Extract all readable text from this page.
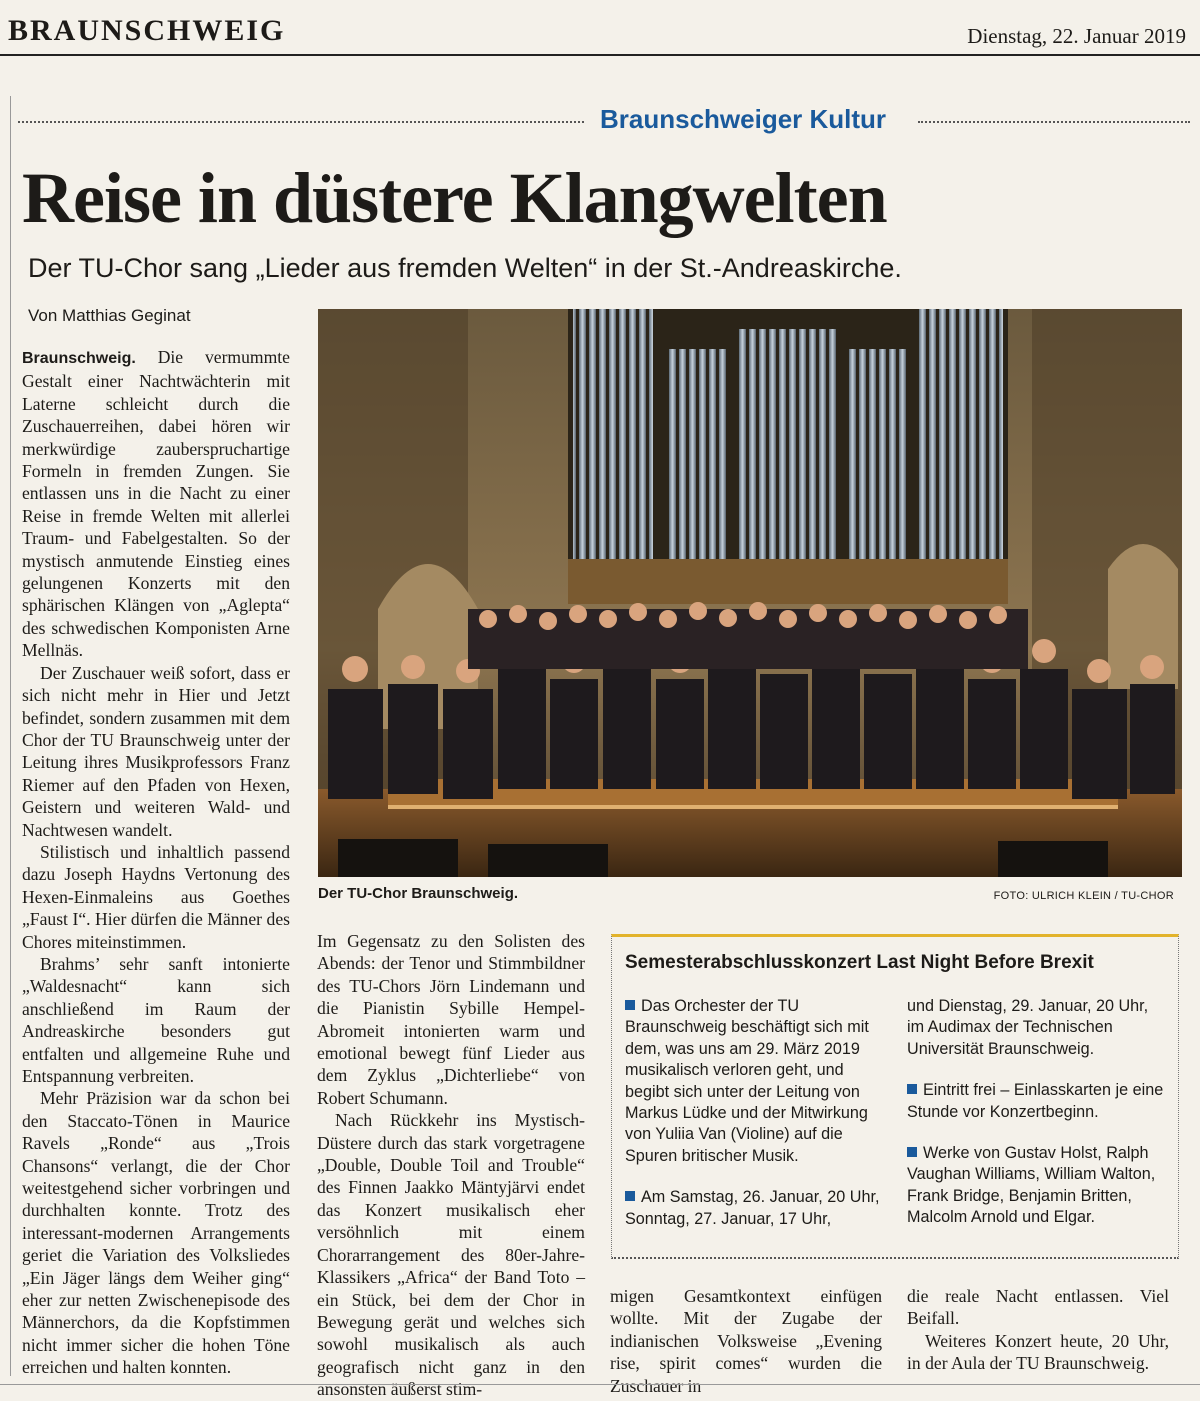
BRAUNSCHWEIG	Dienstag, 22. Januar 2019
Braunschweiger Kultur
Reise in düstere Klangwelten
Der TU-Chor sang „Lieder aus fremden Welten“ in der St.-Andreaskirche.
Von Matthias Geginat

Braunschweig. Die vermummte Gestalt einer Nachtwächterin mit Laterne schleicht durch die Zuschauerreihen, dabei hören wir merkwürdige zauberspruchartige Formeln in fremden Zungen. Sie entlassen uns in die Nacht zu einer Reise in fremde Welten mit allerlei Traum- und Fabelgestalten. So der mystisch anmutende Einstieg eines gelungenen Konzerts mit den sphärischen Klängen von „Aglepta“ des schwedischen Komponisten Arne Mellnäs.

Der Zuschauer weiß sofort, dass er sich nicht mehr in Hier und Jetzt befindet, sondern zusammen mit dem Chor der TU Braunschweig unter der Leitung ihres Musikprofessors Franz Riemer auf den Pfaden von Hexen, Geistern und weiteren Wald- und Nachtwesen wandelt.

Stilistisch und inhaltlich passend dazu Joseph Haydns Vertonung des Hexen-Einmaleins aus Goethes „Faust I“. Hier dürfen die Männer des Chores miteinstimmen.

Brahms’ sehr sanft intonierte „Waldesnacht“ kann sich anschließend im Raum der Andreaskirche besonders gut entfalten und allgemeine Ruhe und Entspannung verbreiten.

Mehr Präzision war da schon bei den Staccato-Tönen in Maurice Ravels „Ronde“ aus „Trois Chansons“ verlangt, die der Chor weitestgehend sicher vorbringen und durchhalten konnte. Trotz des interessant-modernen Arrangements geriet die Variation des Volksliedes „Ein Jäger längs dem Weiher ging“ eher zur netten Zwischenepisode des Männerchors, da die Kopfstimmen nicht immer sicher die hohen Töne erreichen und halten konnten.

Der TU-Chor Braunschweig.	FOTO: ULRICH KLEIN / TU-CHOR

Im Gegensatz zu den Solisten des Abends: der Tenor und Stimmbildner des TU-Chors Jörn Lindemann und die Pianistin Sybille Hempel-Abromeit intonierten warm und emotional bewegt fünf Lieder aus dem Zyklus „Dichterliebe“ von Robert Schumann.

Nach Rückkehr ins Mystisch-Düstere durch das stark vorgetragene „Double, Double Toil and Trouble“ des Finnen Jaakko Mäntyjärvi endet das Konzert musikalisch eher versöhnlich mit einem Chorarrangement des 80er-Jahre-Klassikers „Africa“ der Band Toto – ein Stück, bei dem der Chor in Bewegung gerät und welches sich sowohl musikalisch als auch geografisch nicht ganz in den ansonsten äußerst stim-

Semesterabschlusskonzert Last Night Before Brexit

Das Orchester der TU Braunschweig beschäftigt sich mit dem, was uns am 29. März 2019 musikalisch verloren geht, und begibt sich unter der Leitung von Markus Lüdke und der Mitwirkung von Yuliia Van (Violine) auf die Spuren britischer Musik.

Am Samstag, 26. Januar, 20 Uhr, Sonntag, 27. Januar, 17 Uhr,

und Dienstag, 29. Januar, 20 Uhr, im Audimax der Technischen Universität Braunschweig.

Eintritt frei – Einlasskarten je eine Stunde vor Konzertbeginn.

Werke von Gustav Holst, Ralph Vaughan Williams, William Walton, Frank Bridge, Benjamin Britten, Malcolm Arnold und Elgar.

migen Gesamtkontext einfügen wollte. Mit der Zugabe der indianischen Volksweise „Evening rise, spirit comes“ wurden die Zuschauer in

die reale Nacht entlassen. Viel Beifall.

Weiteres Konzert heute, 20 Uhr, in der Aula der TU Braunschweig.
